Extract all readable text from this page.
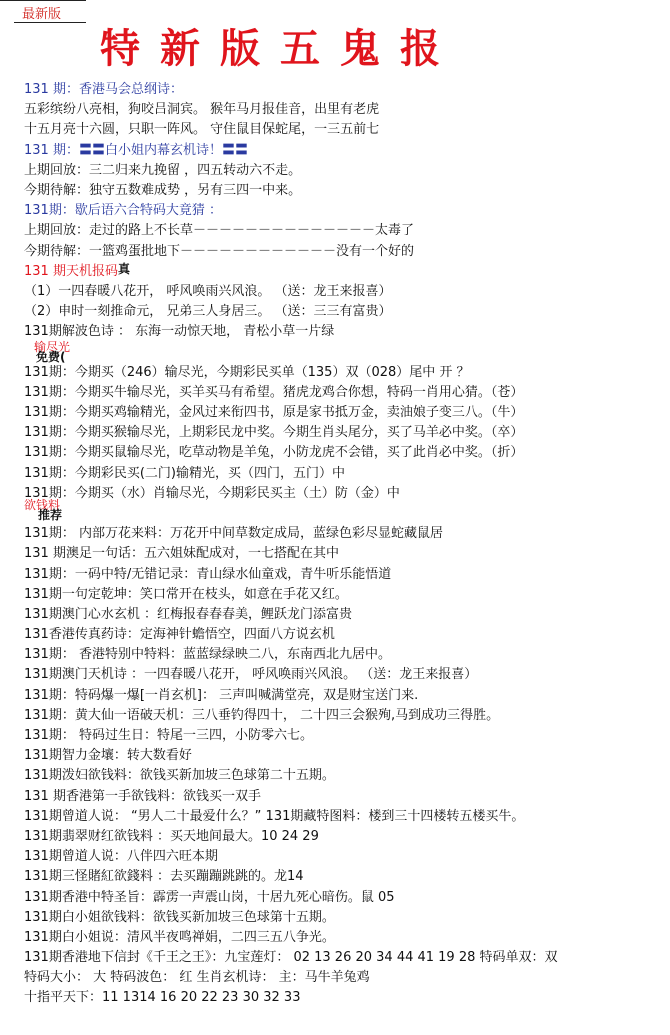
最新版
特新版五鬼报
131 期：香港马会总纲诗：
五彩缤纷八亮相，狗咬吕洞宾。 猴年马月报佳音，出里有老虎
十五月亮十六圆，只职一阵风。 守住鼠目保蛇尾，一三五前七
131 期：〓〓白小姐内幕玄机诗！〓〓
上期回放：三二归来九挽留 ，四五转动六不走。
今期待解：独守五数难成势 ，另有三四一中来。
131期：歇后语六合特码大竟猜 ：
上期回放：走过的路上不长草－－－－－－－－－－－－－－太毒了
今期待解：一篮鸡蛋批地下－－－－－－－－－－－－没有一个好的
131 期天机报码
（1）一四春暖八花开， 呼风唤雨兴风浪。 （送：龙王来报喜）
（2）申时一刻推命元， 兄弟三人身居三。 （送：三三有富贵）
131期解波色诗 ： 东海一动惊天地， 青松小草一片绿
131期：今期买（246）输尽光，今期彩民买单（135）双（028）尾中 开 ？
131期：今期买牛输尽光，买羊买马有希望。猪虎龙鸡合你想，特码一肖用心猜。（苍）
131期：今期买鸡输精光，金风过来衔四书，原是家书抵万金，卖油娘子变三八。（牛）
131期：今期买猴输尽光，上期彩民龙中奖。今期生肖头尾分，买了马羊必中奖。（卒）
131期：今期买鼠输尽光，吃草动物是羊兔，小防龙虎不会错，买了此肖必中奖。（折）
131期：今期彩民买(二门)输精光，买（四门，五门）中
131期：今期买（水）肖输尽光，今期彩民买主（土）防（金）中
131期： 内部万花来料：万花开中间草数定成局，蓝绿色彩尽显蛇藏鼠居
131 期澳足一句话：五六姐妹配成对，一七搭配在其中
131期：一码中特/无错记录：青山绿水仙童戏，青牛听乐能悟道
131期一句定乾坤：笑口常开在枝头，如意在手花又红。
131期澳门心水玄机 ：红梅报春春春美，鲤跃龙门添富贵
131香港传真药诗：定海神针蟾悟空，四面八方说玄机
131期： 香港特别中特料：蓝蓝绿绿映二八，东南西北九居中。
131期澳门天机诗 ：一四春暖八花开， 呼风唤雨兴风浪。 （送：龙王来报喜）
131期：特码爆一爆[一肖玄机]： 三声叫喊满堂亮，双是财宝送门来.
131期：黄大仙一语破天机：三八垂钓得四十， 二十四三会猴殉,马到成功三得胜。
131期： 特码过生日：特尾一三四，小防零六七。
131期智力金壤：转大数看好
131期泼妇欲钱料：欲钱买新加坡三色球第二十五期。
131 期香港第一手欲钱料：欲钱买一双手
131期曾道人说： “男人二十最爱什么？” 131期藏特图料：楼到三十四楼转五楼买牛。
131期翡翠财红欲钱料 ：买天地间最大。10 24 29
131期曾道人说：八伴四六旺本期
131期三怪賭紅欲錢料 ：去买蹦蹦跳跳的。龙14
131期香港中特圣旨：霹雳一声震山岗，十居九死心暗伤。鼠 05
131期白小姐欲钱料：欲钱买新加坡三色球第十五期。
131期白小姐说：清风半夜鸣禅娟，二四三五八争光。
131期香港地下信封《千王之王》：九宝莲灯： 02 13 26 20 34 44 41 19 28 特码单双：双
特码大小： 大 特码波色： 红 生肖玄机诗： 主：马牛羊兔鸡
十指平天下：11 1314 16 20 22 23 30 32 33
真
输尽光
免费(
欲钱料
推荐
